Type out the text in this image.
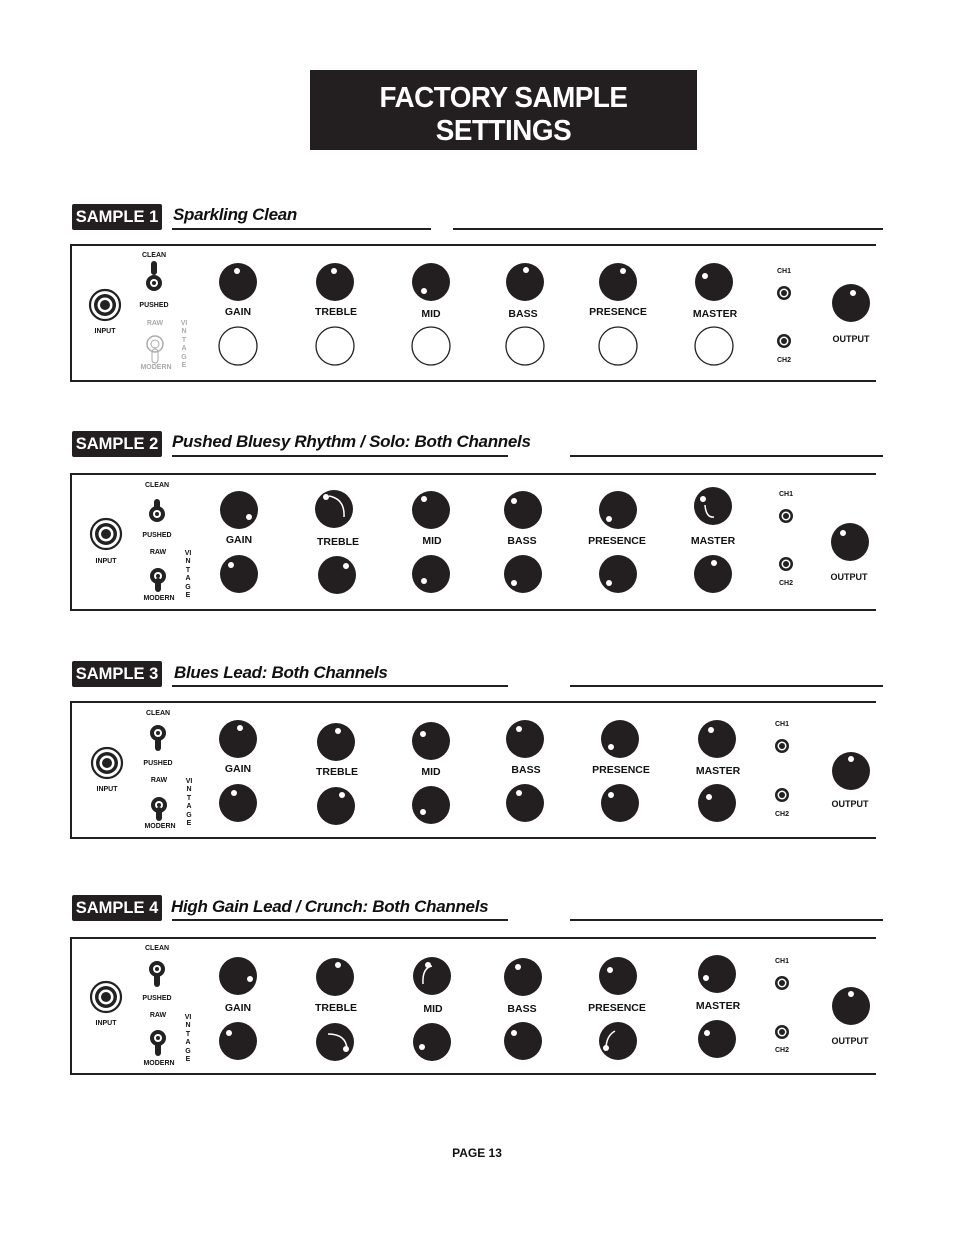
FACTORY SAMPLE SETTINGS
COMBO VERSION SHOWN
SAMPLE 1 Sparkling Clean
INPUT
CLEAN
PUSHED
RAW
MODERN
VINTAGE
GAIN	TREBLE	MID	BASS	PRESENCE	MASTER
CH1
CH2
OUTPUT
SAMPLE 2 Pushed Bluesy Rhythm / Solo: Both Channels
INPUT
CLEAN
PUSHED
RAW
MODERN
VINTAGE
GAIN	TREBLE	MID	BASS	PRESENCE	MASTER
CH1
CH2
OUTPUT
SAMPLE 3 Blues Lead: Both Channels
INPUT
CLEAN
PUSHED
RAW
MODERN
VINTAGE
GAIN	TREBLE	MID	BASS	PRESENCE	MASTER
CH1
CH2
OUTPUT
SAMPLE 4 High Gain Lead / Crunch: Both Channels
INPUT
CLEAN
PUSHED
RAW
MODERN
VINTAGE
GAIN	TREBLE	MID	BASS	PRESENCE	MASTER
CH1
CH2
OUTPUT
PAGE 13
